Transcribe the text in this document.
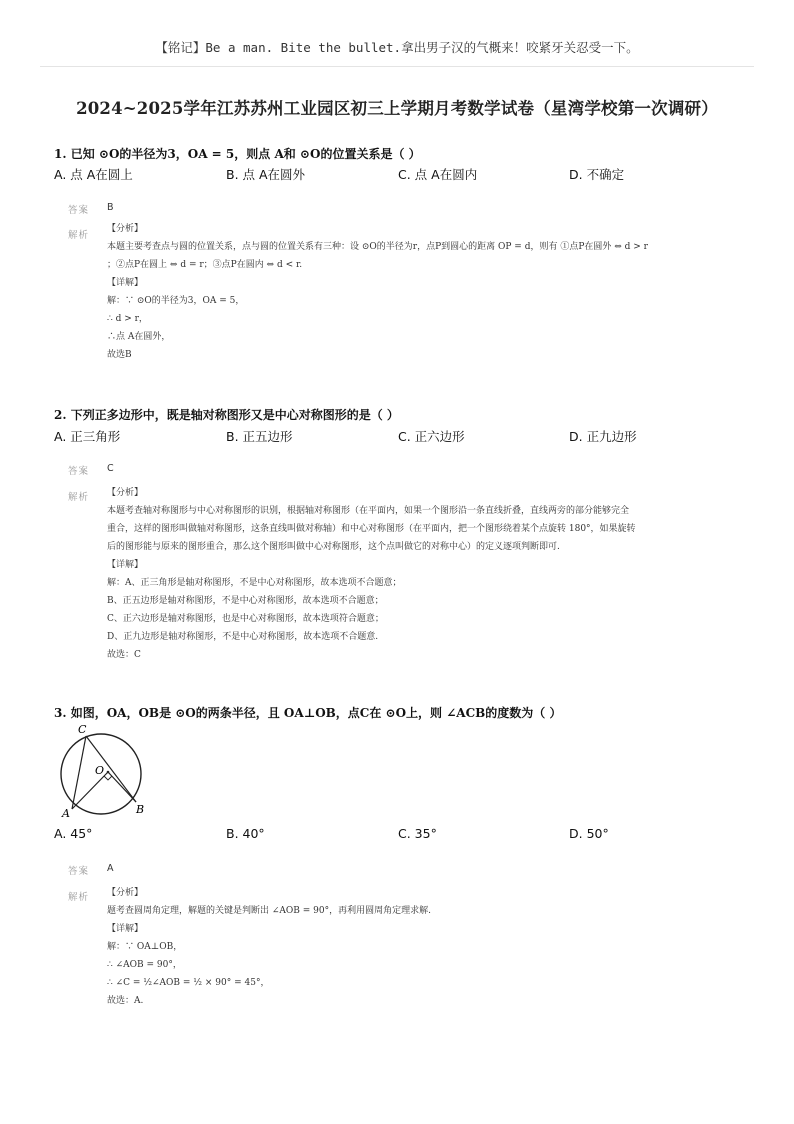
【铭记】Be a man. Bite the bullet.拿出男子汉的气概来！咬紧牙关忍受一下。
2024~2025学年江苏苏州工业园区初三上学期月考数学试卷（星湾学校第一次调研）
1. 已知 ⊙O的半径为3，OA = 5，则点 A和 ⊙O的位置关系是（ ）
A. 点 A在圆上	B. 点 A在圆外	C. 点 A在圆内	D. 不确定
答案 B
解析
【分析】
本题主要考查点与圆的位置关系，点与圆的位置关系有三种：设 ⊙O的半径为r，点P到圆心的距离 OP = d，则有 ①点P在圆外 ⇔ d > r
；②点P在圆上 ⇔ d = r；③点P在圆内 ⇔ d < r.
【详解】
解：∵ ⊙O的半径为3，OA = 5，
∴ d > r，
∴点 A在圆外，
故选B
2. 下列正多边形中，既是轴对称图形又是中心对称图形的是（ ）
A. 正三角形	B. 正五边形	C. 正六边形	D. 正九边形
答案 C
解析 【分析】
本题考查轴对称图形与中心对称图形的识别，根据轴对称图形（在平面内，如果一个图形沿一条直线折叠，直线两旁的部分能够完全
重合，这样的图形叫做轴对称图形，这条直线叫做对称轴）和中心对称图形（在平面内，把一个图形绕着某个点旋转 180°，如果旋转
后的图形能与原来的图形重合，那么这个图形叫做中心对称图形，这个点叫做它的对称中心）的定义逐项判断即可.
【详解】
解：A、正三角形是轴对称图形，不是中心对称图形，故本选项不合题意；
B、正五边形是轴对称图形，不是中心对称图形，故本选项不合题意；
C、正六边形是轴对称图形，也是中心对称图形，故本选项符合题意；
D、正九边形是轴对称图形，不是中心对称图形，故本选项不合题意.
故选：C
3. 如图，OA，OB是 ⊙O的两条半径，且 OA⊥OB，点C在 ⊙O上，则 ∠ACB的度数为（ ）
C
O
A	B
A. 45°	B. 40°	C. 35°	D. 50°
答案 A
解析 【分析】
题考查圆周角定理，解题的关键是判断出 ∠AOB = 90°，再利用圆周角定理求解.
【详解】
解：∵ OA⊥OB，
∴ ∠AOB = 90°，
∴ ∠C = ½∠AOB = ½ × 90° = 45°，
故选：A.
